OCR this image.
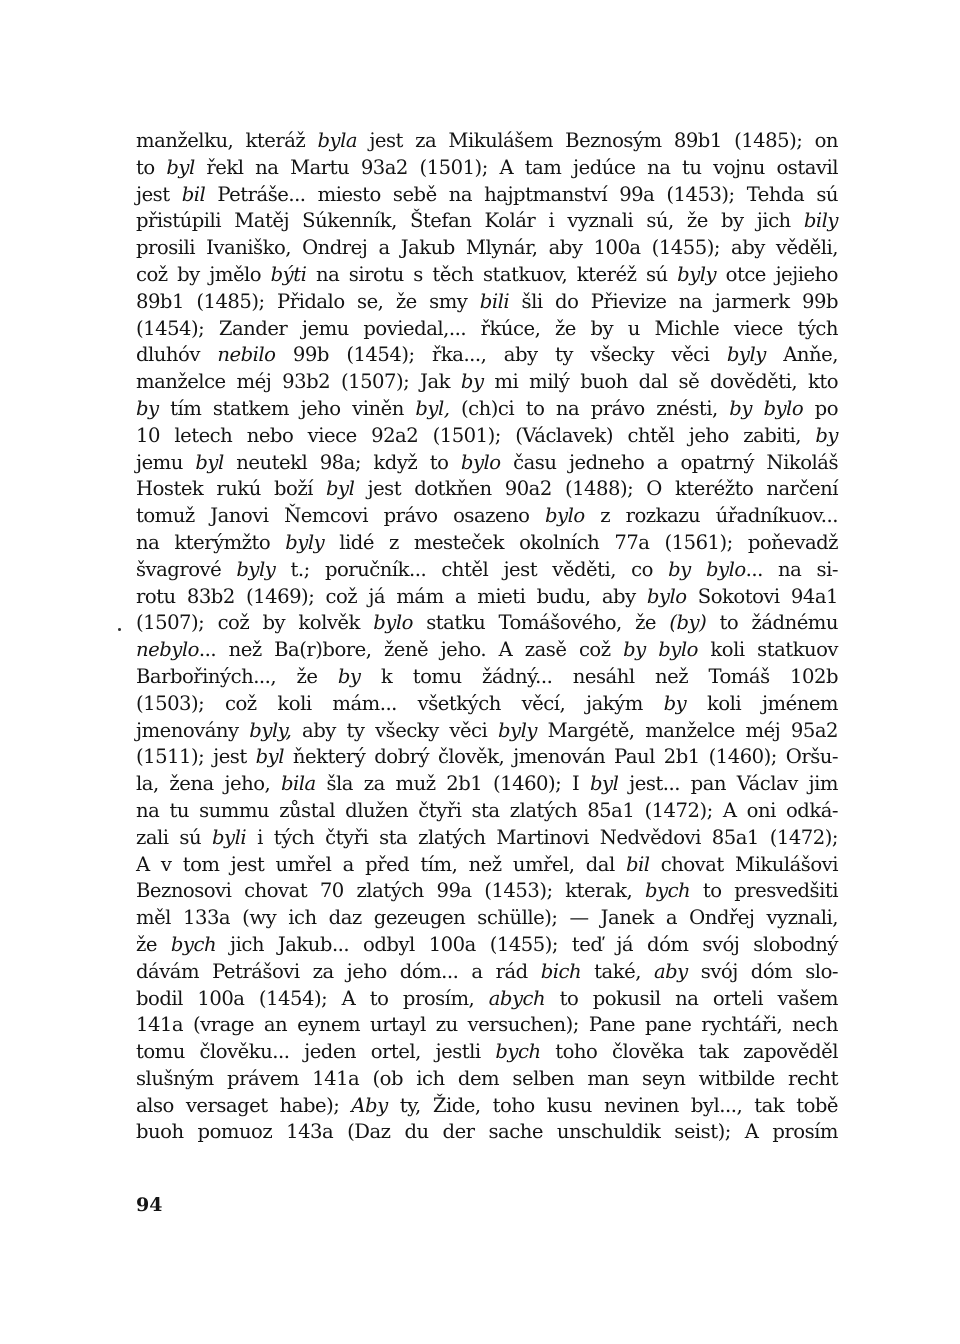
manželku, kteráž byla jest za Mikulášem Beznosým 89b1 (1485); on
to byl řekl na Martu 93a2 (1501); A tam jedúce na tu vojnu ostavil
jest bil Petráše... miesto sebě na hajptmanství 99a (1453); Tehda sú
přistúpili Matěj Súkenník, Štefan Kolár i vyznali sú, že by jich bily
prosili Ivaniško, Ondrej a Jakub Mlynár, aby 100a (1455); aby věděli,
což by jmělo býti na sirotu s těch statkuov, kteréž sú byly otce jejieho
89b1 (1485); Přidalo se, že smy bili šli do Přievize na jarmerk 99b
(1454); Zander jemu poviedal,... řkúce, že by u Michle viece tých
dluhóv nebilo 99b (1454); řka..., aby ty všecky věci byly Anňe,
manželce méj 93b2 (1507); Jak by mi milý buoh dal sě dověděti, kto
by tím statkem jeho viněn byl, (ch)ci to na právo znésti, by bylo po
10 letech nebo viece 92a2 (1501); (Václavek) chtěl jeho zabiti, by
jemu byl neutekl 98a; když to bylo času jedneho a opatrný Nikoláš
Hostek rukú boží byl jest dotkňen 90a2 (1488); O kteréžto narčení
tomuž Janovi Ňemcovi právo osazeno bylo z rozkazu úřadníkuov...
na kterýmžto byly lidé z mesteček okolních 77a (1561); poňevadž
švagrové byly t.; poručník... chtěl jest věděti, co by bylo... na si-
rotu 83b2 (1469); což já mám a mieti budu, aby bylo Sokotovi 94a1
(1507); což by kolvěk bylo statku Tomášového, že (by) to žádnému
nebylo... než Ba(r)bore, ženě jeho. A zasě což by bylo koli statkuov
Barbořiných..., že by k tomu žádný... nesáhl než Tomáš 102b
(1503); což koli mám... všetkých věcí, jakým by koli jménem
jmenovány byly, aby ty všecky věci byly Margétě, manželce méj 95a2
(1511); jest byl ňekterý dobrý člověk, jmenován Paul 2b1 (1460); Oršu-
la, žena jeho, bila šla za muž 2b1 (1460); I byl jest... pan Václav jim
na tu summu zůstal dlužen čtyři sta zlatých 85a1 (1472); A oni odká-
zali sú byli i tých čtyři sta zlatých Martinovi Nedvědovi 85a1 (1472);
A v tom jest umřel a před tím, než umřel, dal bil chovat Mikulášovi
Beznosovi chovat 70 zlatých 99a (1453); kterak, bych to presvedšiti
měl 133a (wy ich daz gezeugen schülle); — Janek a Ondřej vyznali,
že bych jich Jakub... odbyl 100a (1455); teď já dóm svój slobodný
dávám Petrášovi za jeho dóm... a rád bich také, aby svój dóm slo-
bodil 100a (1454); A to prosím, abych to pokusil na orteli vašem
141a (vrage an eynem urtayl zu versuchen); Pane pane rychtáři, nech
tomu člověku... jeden ortel, jestli bych toho člověka tak zapověděl
slušným právem 141a (ob ich dem selben man seyn witbilde recht
also versaget habe); Aby ty, Žide, toho kusu nevinen byl..., tak tobě
buoh pomuoz 143a (Daz du der sache unschuldik seist); A prosím
94
